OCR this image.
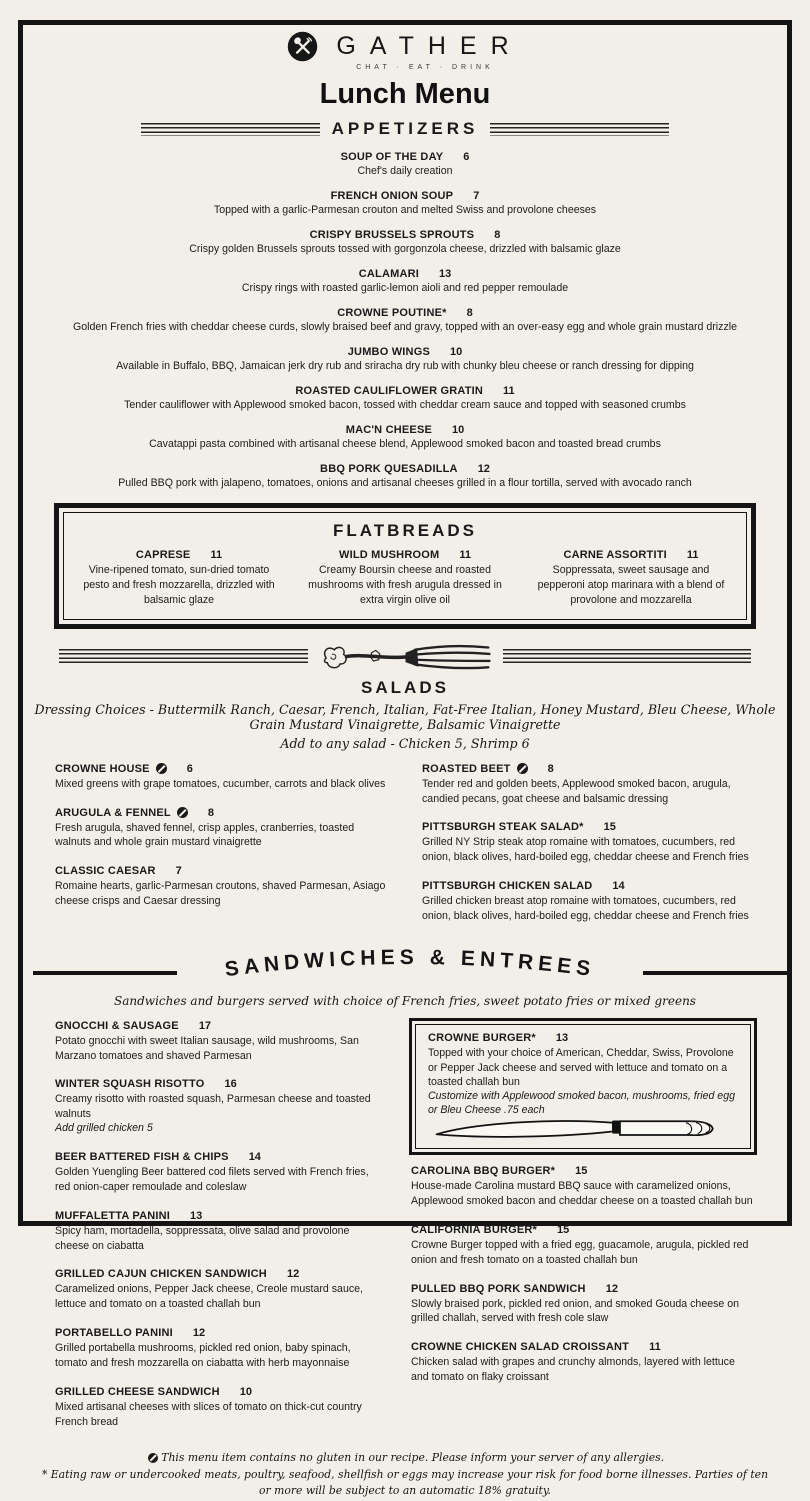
GATHER
CHAT · EAT · DRINK
Lunch Menu
APPETIZERS
SOUP OF THE DAY 6
Chef's daily creation
FRENCH ONION SOUP 7
Topped with a garlic-Parmesan crouton and melted Swiss and provolone cheeses
CRISPY BRUSSELS SPROUTS 8
Crispy golden Brussels sprouts tossed with gorgonzola cheese, drizzled with balsamic glaze
CALAMARI 13
Crispy rings with roasted garlic-lemon aioli and red pepper remoulade
CROWNE POUTINE* 8
Golden French fries with cheddar cheese curds, slowly braised beef and gravy, topped with an over-easy egg and whole grain mustard drizzle
JUMBO WINGS 10
Available in Buffalo, BBQ, Jamaican jerk dry rub and sriracha dry rub with chunky bleu cheese or ranch dressing for dipping
ROASTED CAULIFLOWER GRATIN 11
Tender cauliflower with Applewood smoked bacon, tossed with cheddar cream sauce and topped with seasoned crumbs
MAC'N CHEESE 10
Cavatappi pasta combined with artisanal cheese blend, Applewood smoked bacon and toasted bread crumbs
BBQ PORK QUESADILLA 12
Pulled BBQ pork with jalapeno, tomatoes, onions and artisanal cheeses grilled in a flour tortilla, served with avocado ranch
FLATBREADS
CAPRESE 11
Vine-ripened tomato, sun-dried tomato pesto and fresh mozzarella, drizzled with balsamic glaze
WILD MUSHROOM 11
Creamy Boursin cheese and roasted mushrooms with fresh arugula dressed in extra virgin olive oil
CARNE ASSORTITI 11
Soppressata, sweet sausage and pepperoni atop marinara with a blend of provolone and mozzarella
SALADS
Dressing Choices - Buttermilk Ranch, Caesar, French, Italian, Fat-Free Italian, Honey Mustard, Bleu Cheese, Whole Grain Mustard Vinaigrette, Balsamic Vinaigrette
Add to any salad - Chicken 5, Shrimp 6
CROWNE HOUSE	6
Mixed greens with grape tomatoes, cucumber, carrots and black olives
ARUGULA & FENNEL	8
Fresh arugula, shaved fennel, crisp apples, cranberries, toasted walnuts and whole grain mustard vinaigrette
CLASSIC CAESAR 7
Romaine hearts, garlic-Parmesan croutons, shaved Parmesan, Asiago cheese crisps and Caesar dressing
ROASTED BEET	8
Tender red and golden beets, Applewood smoked bacon, arugula, candied pecans, goat cheese and balsamic dressing
PITTSBURGH STEAK SALAD* 15
Grilled NY Strip steak atop romaine with tomatoes, cucumbers, red onion, black olives, hard-boiled egg, cheddar cheese and French fries
PITTSBURGH CHICKEN SALAD 14
Grilled chicken breast atop romaine with tomatoes, cucumbers, red onion, black olives, hard-boiled egg, cheddar cheese and French fries
SANDWICHES & ENTREES
Sandwiches and burgers served with choice of French fries, sweet potato fries or mixed greens
GNOCCHI & SAUSAGE 17
Potato gnocchi with sweet Italian sausage, wild mushrooms, San Marzano tomatoes and shaved Parmesan
WINTER SQUASH RISOTTO 16
Creamy risotto with roasted squash, Parmesan cheese and toasted walnuts
Add grilled chicken 5
BEER BATTERED FISH & CHIPS 14
Golden Yuengling Beer battered cod filets served with French fries, red onion-caper remoulade and coleslaw
MUFFALETTA PANINI 13
Spicy ham, mortadella, soppressata, olive salad and provolone cheese on ciabatta
GRILLED CAJUN CHICKEN SANDWICH 12
Caramelized onions, Pepper Jack cheese, Creole mustard sauce, lettuce and tomato on a toasted challah bun
PORTABELLO PANINI 12
Grilled portabella mushrooms, pickled red onion, baby spinach, tomato and fresh mozzarella on ciabatta with herb mayonnaise
GRILLED CHEESE SANDWICH 10
Mixed artisanal cheeses with slices of tomato on thick-cut country French bread
CROWNE BURGER* 13
Topped with your choice of American, Cheddar, Swiss, Provolone or Pepper Jack cheese and served with lettuce and tomato on a toasted challah bun
Customize with Applewood smoked bacon, mushrooms, fried egg or Bleu Cheese .75 each
CAROLINA BBQ BURGER* 15
House-made Carolina mustard BBQ sauce with caramelized onions, Applewood smoked bacon and cheddar cheese on a toasted challah bun
CALIFORNIA BURGER* 15
Crowne Burger topped with a fried egg, guacamole, arugula, pickled red onion and fresh tomato on a toasted challah bun
PULLED BBQ PORK SANDWICH 12
Slowly braised pork, pickled red onion, and smoked Gouda cheese on grilled challah, served with fresh cole slaw
CROWNE CHICKEN SALAD CROISSANT 11
Chicken salad with grapes and crunchy almonds, layered with lettuce and tomato on flaky croissant
This menu item contains no gluten in our recipe. Please inform your server of any allergies.
* Eating raw or undercooked meats, poultry, seafood, shellfish or eggs may increase your risk for food borne illnesses. Parties of ten or more will be subject to an automatic 18% gratuity.
